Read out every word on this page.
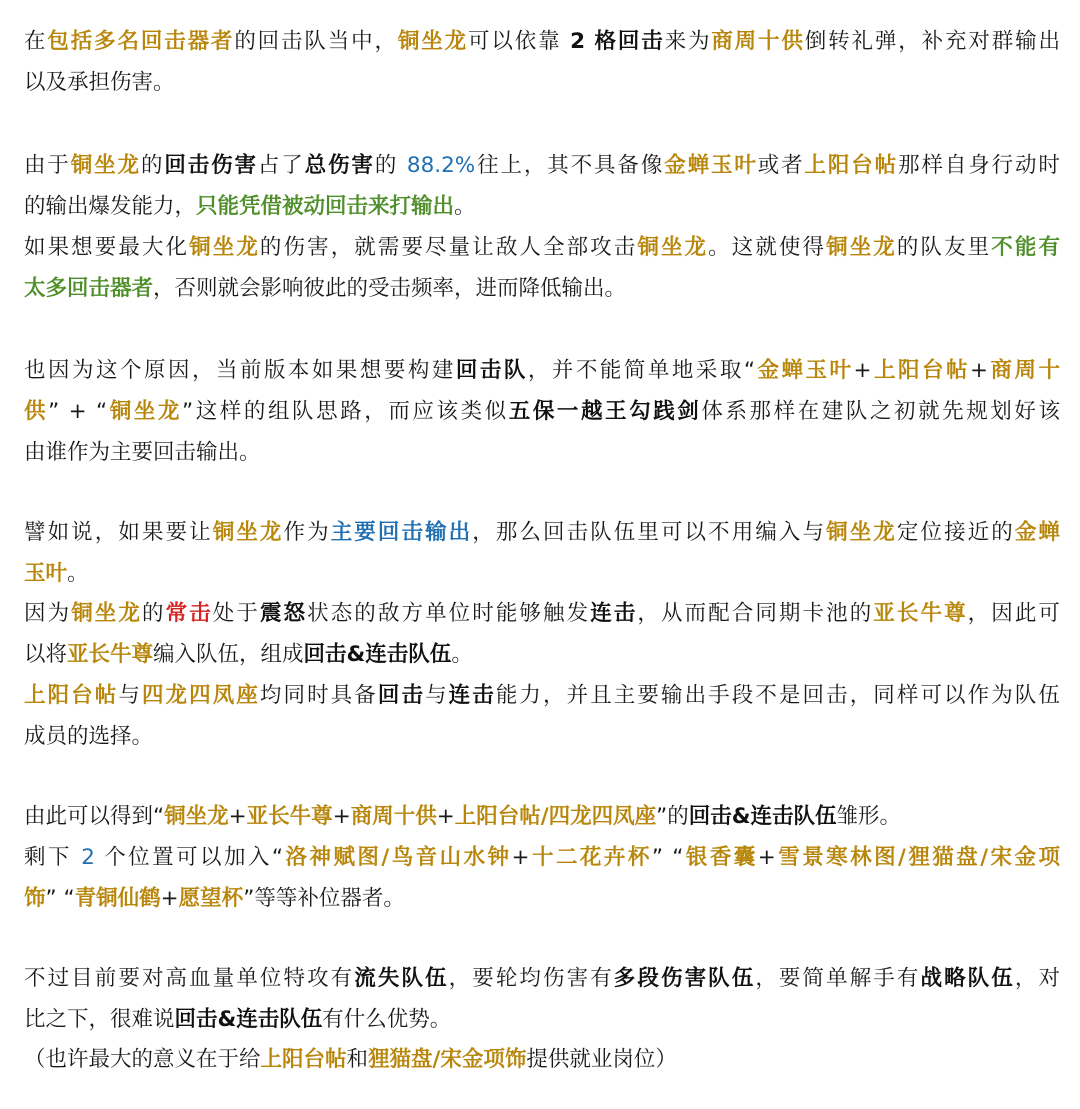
在包括多名回击器者的回击队当中，铜坐龙可以依靠 2 格回击来为商周十供倒转礼弹，补充对群输出
以及承担伤害。
由于铜坐龙的回击伤害占了总伤害的 88.2%往上，其不具备像金蝉玉叶或者上阳台帖那样自身行动时
的输出爆发能力，只能凭借被动回击来打输出。
如果想要最大化铜坐龙的伤害，就需要尽量让敌人全部攻击铜坐龙。这就使得铜坐龙的队友里不能有
太多回击器者，否则就会影响彼此的受击频率，进而降低输出。
也因为这个原因，当前版本如果想要构建回击队，并不能简单地采取“金蝉玉叶+上阳台帖+商周十
供” + “铜坐龙”这样的组队思路，而应该类似五保一越王勾践剑体系那样在建队之初就先规划好该
由谁作为主要回击输出。
譬如说，如果要让铜坐龙作为主要回击输出，那么回击队伍里可以不用编入与铜坐龙定位接近的金蝉
玉叶。
因为铜坐龙的常击处于震怒状态的敌方单位时能够触发连击，从而配合同期卡池的亚长牛尊，因此可
以将亚长牛尊编入队伍，组成回击&连击队伍。
上阳台帖与四龙四凤座均同时具备回击与连击能力，并且主要输出手段不是回击，同样可以作为队伍
成员的选择。
由此可以得到“铜坐龙+亚长牛尊+商周十供+上阳台帖/四龙四凤座”的回击&连击队伍雏形。
剩下 2 个位置可以加入“洛神赋图/鸟音山水钟+十二花卉杯” “银香囊+雪景寒林图/狸猫盘/宋金项
饰” “青铜仙鹤+愿望杯”等等补位器者。
不过目前要对高血量单位特攻有流失队伍，要轮均伤害有多段伤害队伍，要简单解手有战略队伍，对
比之下，很难说回击&连击队伍有什么优势。
（也许最大的意义在于给上阳台帖和狸猫盘/宋金项饰提供就业岗位）
